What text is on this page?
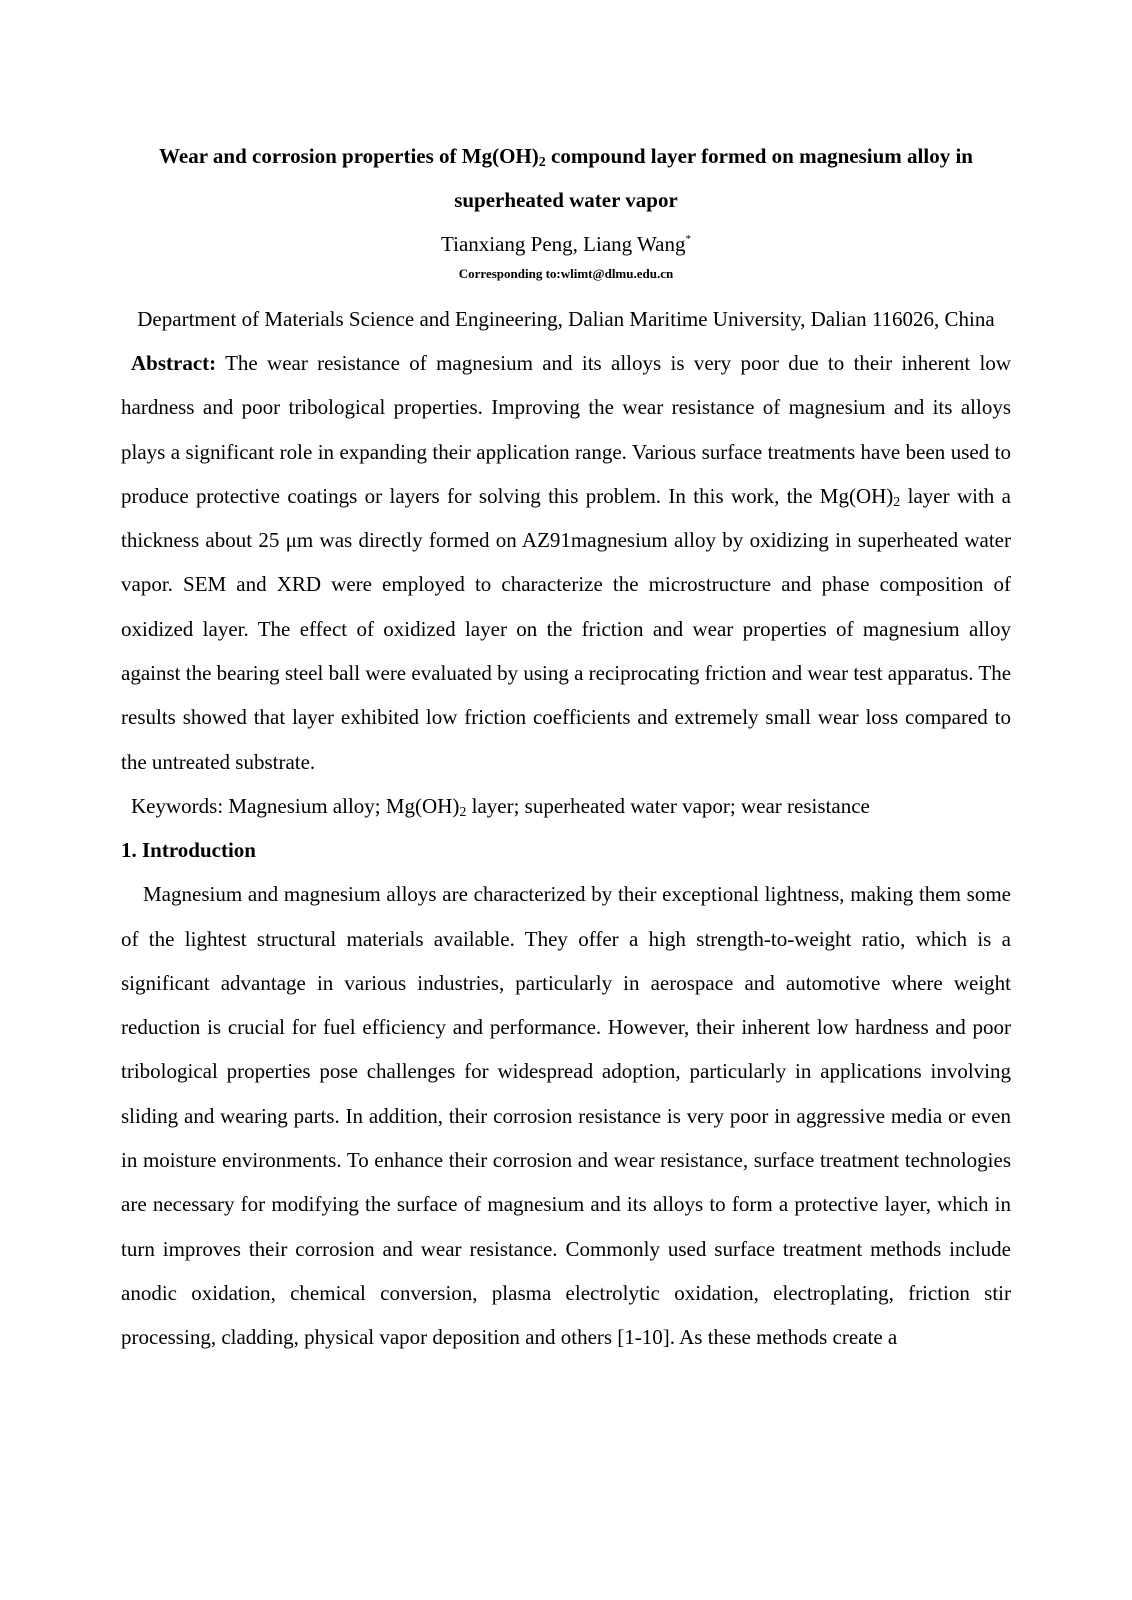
Wear and corrosion properties of $Mg(OH)_2$ compound layer formed on magnesium alloy in superheated water vapor
Tianxiang Peng, Liang Wang*
Corresponding to:wlimt@dlmu.edu.cn
Department of Materials Science and Engineering, Dalian Maritime University, Dalian 116026, China

Abstract: The wear resistance of magnesium and its alloys is very poor due to their inherent low hardness and poor tribological properties. Improving the wear resistance of magnesium and its alloys plays a significant role in expanding their application range. Various surface treatments have been used to produce protective coatings or layers for solving this problem. In this work, the $Mg(OH)_2$ layer with a thickness about 25 μm was directly formed on AZ91magnesium alloy by oxidizing in superheated water vapor. SEM and XRD were employed to characterize the microstructure and phase composition of oxidized layer. The effect of oxidized layer on the friction and wear properties of magnesium alloy against the bearing steel ball were evaluated by using a reciprocating friction and wear test apparatus. The results showed that layer exhibited low friction coefficients and extremely small wear loss compared to the untreated substrate.

Keywords: Magnesium alloy; $Mg(OH)_2$ layer; superheated water vapor; wear resistance

1. Introduction

Magnesium and magnesium alloys are characterized by their exceptional lightness, making them some of the lightest structural materials available. They offer a high strength-to-weight ratio, which is a significant advantage in various industries, particularly in aerospace and automotive where weight reduction is crucial for fuel efficiency and performance. However, their inherent low hardness and poor tribological properties pose challenges for widespread adoption, particularly in applications involving sliding and wearing parts. In addition, their corrosion resistance is very poor in aggressive media or even in moisture environments. To enhance their corrosion and wear resistance, surface treatment technologies are necessary for modifying the surface of magnesium and its alloys to form a protective layer, which in turn improves their corrosion and wear resistance. Commonly used surface treatment methods include anodic oxidation, chemical conversion, plasma electrolytic oxidation, electroplating, friction stir processing, cladding, physical vapor deposition and others [1-10]. As these methods create a
